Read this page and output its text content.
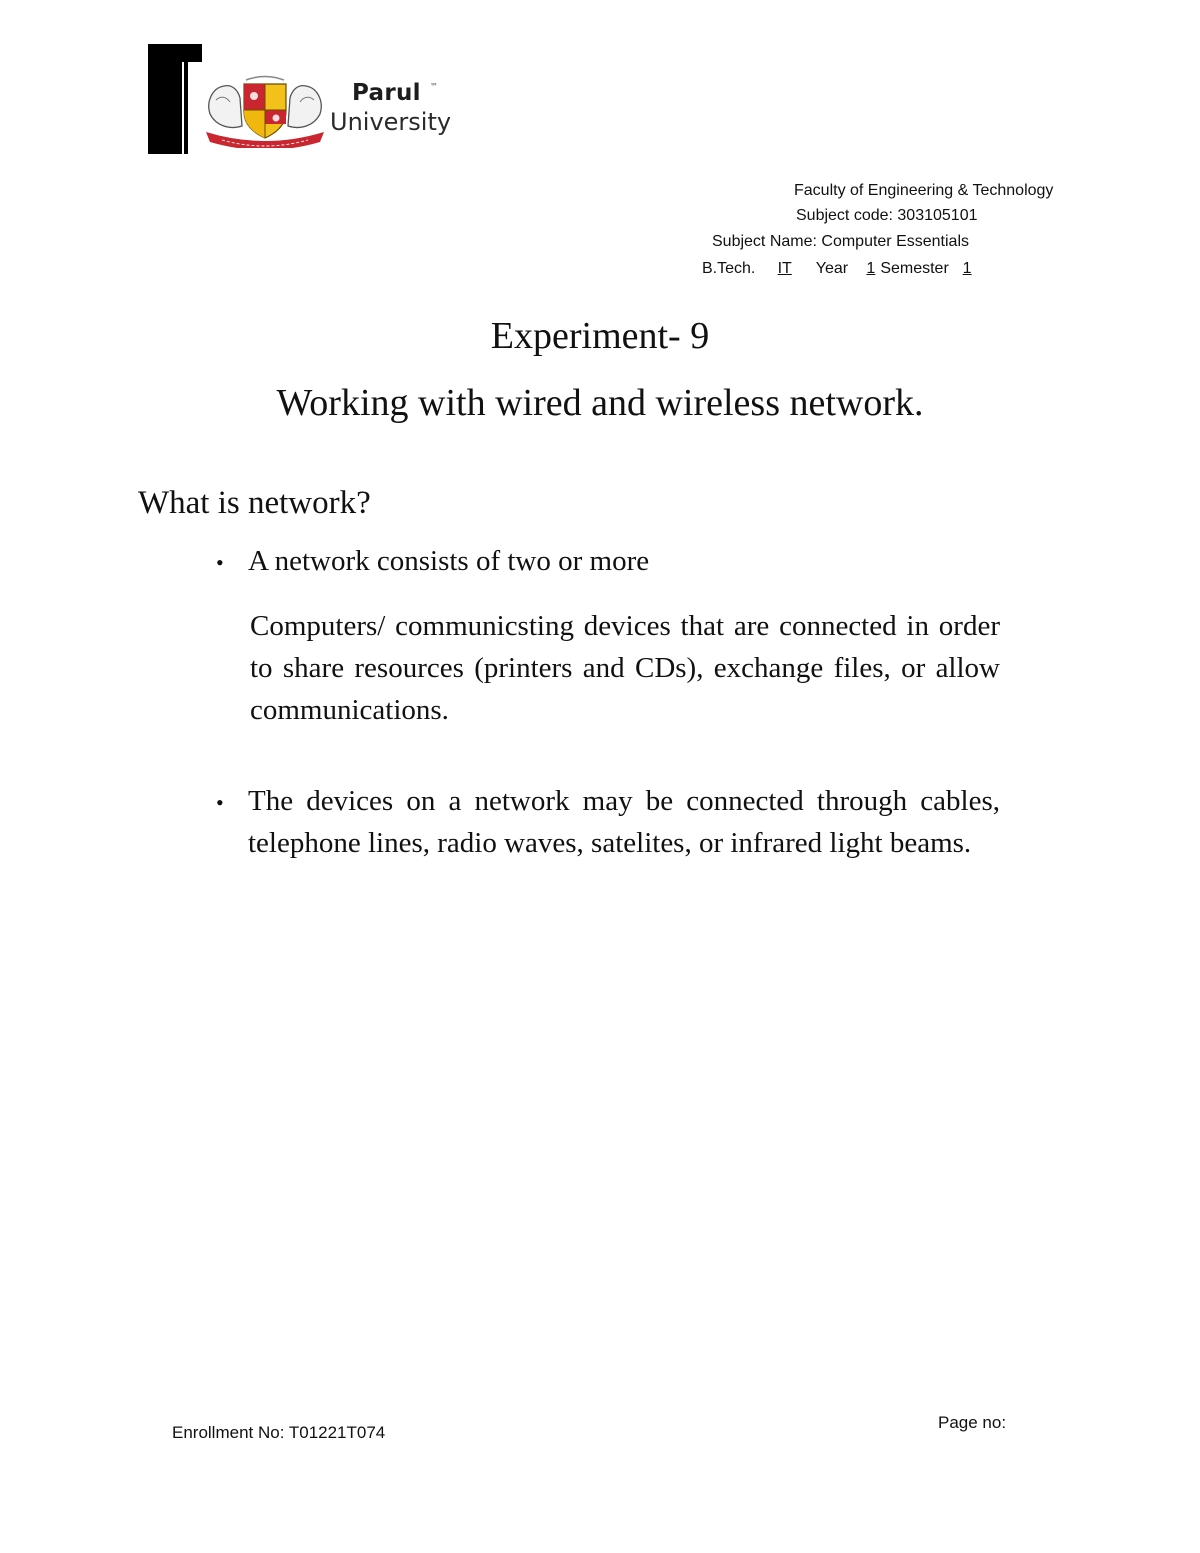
Parul ™
University
Faculty of Engineering & Technology
Subject code: 303105101
Subject Name: Computer Essentials
B.Tech. IT Year 1 Semester 1
Experiment- 9
Working with wired and wireless network.
What is network?
• A network consists of two or more
Computers/ communicsting devices that are connected in order to share resources (printers and CDs), exchange files, or allow communications.
• The devices on a network may be connected through cables, telephone lines, radio waves, satelites, or infrared light beams.
Enrollment No: T01221T074
Page no:
